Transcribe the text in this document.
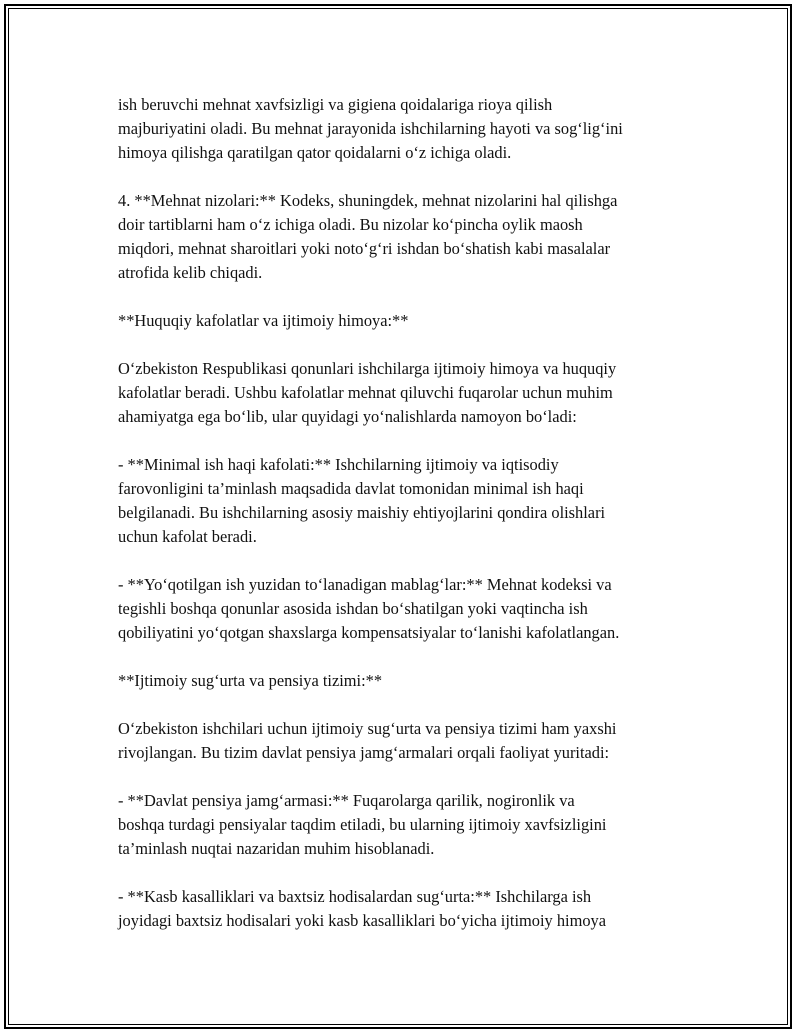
ish beruvchi mehnat xavfsizligi va gigiena qoidalariga rioya qilish
majburiyatini oladi. Bu mehnat jarayonida ishchilarning hayoti va sog‘lig‘ini
himoya qilishga qaratilgan qator qoidalarni o‘z ichiga oladi.

4. **Mehnat nizolari:** Kodeks, shuningdek, mehnat nizolarini hal qilishga
doir tartiblarni ham o‘z ichiga oladi. Bu nizolar ko‘pincha oylik maosh
miqdori, mehnat sharoitlari yoki noto‘g‘ri ishdan bo‘shatish kabi masalalar
atrofida kelib chiqadi.

**Huquqiy kafolatlar va ijtimoiy himoya:**

O‘zbekiston Respublikasi qonunlari ishchilarga ijtimoiy himoya va huquqiy
kafolatlar beradi. Ushbu kafolatlar mehnat qiluvchi fuqarolar uchun muhim
ahamiyatga ega bo‘lib, ular quyidagi yo‘nalishlarda namoyon bo‘ladi:

- **Minimal ish haqi kafolati:** Ishchilarning ijtimoiy va iqtisodiy
farovonligini ta’minlash maqsadida davlat tomonidan minimal ish haqi
belgilanadi. Bu ishchilarning asosiy maishiy ehtiyojlarini qondira olishlari
uchun kafolat beradi.

- **Yo‘qotilgan ish yuzidan to‘lanadigan mablag‘lar:** Mehnat kodeksi va
tegishli boshqa qonunlar asosida ishdan bo‘shatilgan yoki vaqtincha ish
qobiliyatini yo‘qotgan shaxslarga kompensatsiyalar to‘lanishi kafolatlangan.

**Ijtimoiy sug‘urta va pensiya tizimi:**

O‘zbekiston ishchilari uchun ijtimoiy sug‘urta va pensiya tizimi ham yaxshi
rivojlangan. Bu tizim davlat pensiya jamg‘armalari orqali faoliyat yuritadi:

- **Davlat pensiya jamg‘armasi:** Fuqarolarga qarilik, nogironlik va
boshqa turdagi pensiyalar taqdim etiladi, bu ularning ijtimoiy xavfsizligini
ta’minlash nuqtai nazaridan muhim hisoblanadi.

- **Kasb kasalliklari va baxtsiz hodisalardan sug‘urta:** Ishchilarga ish
joyidagi baxtsiz hodisalari yoki kasb kasalliklari bo‘yicha ijtimoiy himoya
